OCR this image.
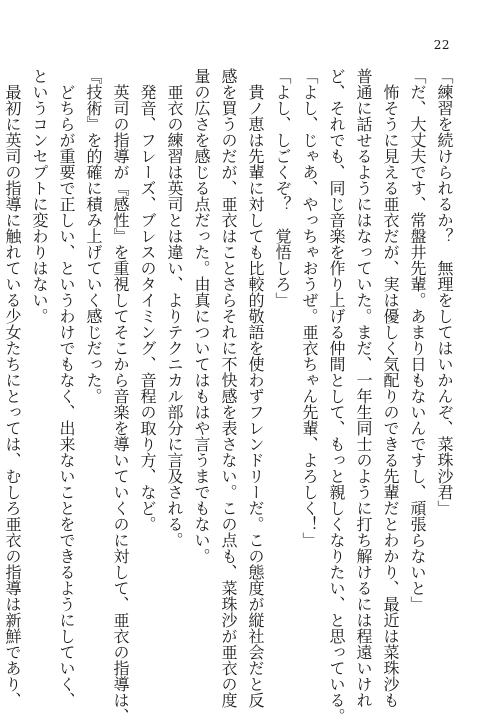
22
「練習を続けられるか？　無理をしてはいかんぞ、菜珠沙君」
「だ、大丈夫です、常盤井先輩。あまり日もないんですし、頑張らないと」
怖そうに見える亜衣だが、実は優しく気配りのできる先輩だとわかり、最近は菜珠沙も
普通に話せるようにはなっていた。まだ、一年生同士のように打ち解けるには程遠いけれ
ど、それでも、同じ音楽を作り上げる仲間として、もっと親しくなりたい、と思っている。
「よし、じゃあ、やっちゃおうぜ。亜衣ちゃん先輩、よろしく！」
「よし、しごくぞ？　覚悟しろ」
貴ノ恵は先輩に対しても比較的敬語を使わずフレンドリーだ。この態度が縦社会だと反
感を買うのだが、亜衣はことさらそれに不快感を表さない。この点も、菜珠沙が亜衣の度
量の広さを感じる点だった。由真についてはもはや言うまでもない。
亜衣の練習は英司とは違い、よりテクニカル部分に言及される。
発音、フレーズ、ブレスのタイミング、音程の取り方、など。
英司の指導が『感性』を重視してそこから音楽を導いていくのに対して、亜衣の指導は、
『技術』を的確に積み上げていく感じだった。
どちらが重要で正しい、というわけでもなく、出来ないことをできるようにしていく、
というコンセプトに変わりはない。
最初に英司の指導に触れている少女たちにとっては、むしろ亜衣の指導は新鮮であり、
